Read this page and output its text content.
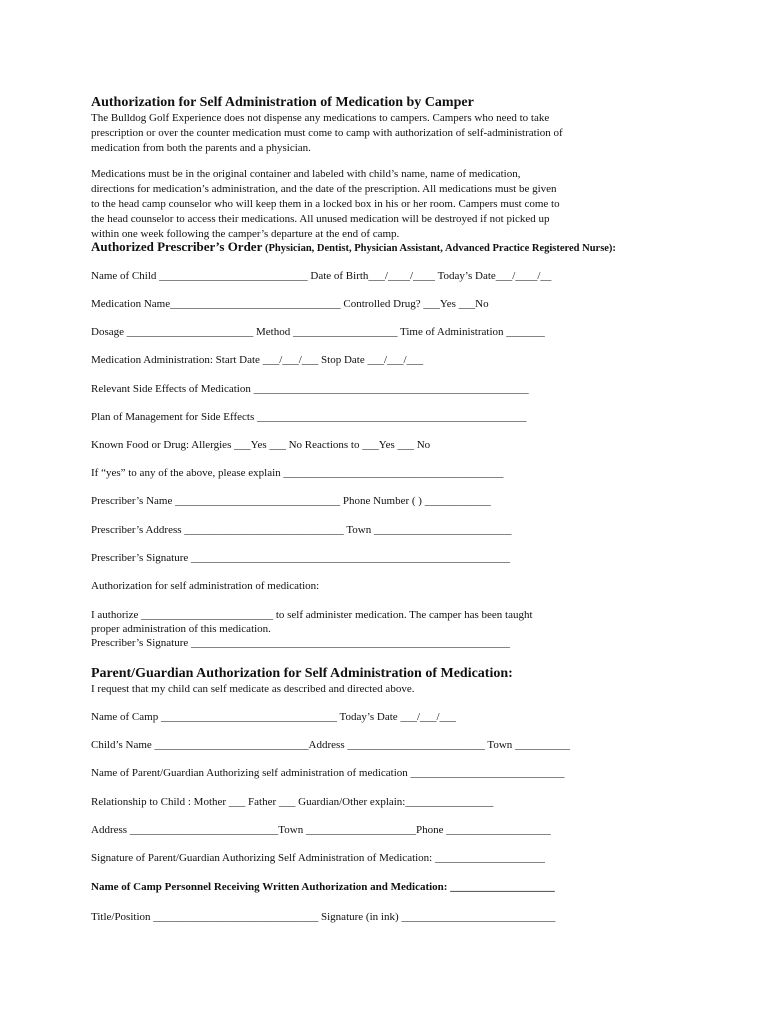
Authorization for Self Administration of Medication by Camper

The Bulldog Golf Experience does not dispense any medications to campers. Campers who need to take
prescription or over the counter medication must come to camp with authorization of self-administration of
medication from both the parents and a physician.

Medications must be in the original container and labeled with child’s name, name of medication,
directions for medication’s administration, and the date of the prescription. All medications must be given
to the head camp counselor who will keep them in a locked box in his or her room. Campers must come to
the head counselor to access their medications. All unused medication will be destroyed if not picked up
within one week following the camper’s departure at the end of camp.

Authorized Prescriber’s Order (Physician, Dentist, Physician Assistant, Advanced Practice Registered Nurse):
Name of Child ___________________________ Date of Birth___/____/____ Today’s Date___/____/__
Medication Name_______________________________ Controlled Drug? ___Yes ___No
Dosage _______________________ Method ___________________ Time of Administration _______
Medication Administration: Start Date ___/___/___ Stop Date ___/___/___
Relevant Side Effects of Medication __________________________________________________
Plan of Management for Side Effects _________________________________________________
Known Food or Drug: Allergies ___Yes ___ No Reactions to ___Yes ___ No
If “yes” to any of the above, please explain ________________________________________
Prescriber’s Name ______________________________ Phone Number ( ) ____________
Prescriber’s Address _____________________________ Town _________________________
Prescriber’s Signature __________________________________________________________
Authorization for self administration of medication:
I authorize ________________________ to self administer medication. The camper has been taught
proper administration of this medication.
Prescriber’s Signature __________________________________________________________
Parent/Guardian Authorization for Self Administration of Medication:
I request that my child can self medicate as described and directed above.
Name of Camp ________________________________ Today’s Date ___/___/___
Child’s Name ____________________________Address _________________________ Town __________
Name of Parent/Guardian Authorizing self administration of medication ____________________________
Relationship to Child : Mother ___ Father ___ Guardian/Other explain:________________
Address ___________________________Town ____________________Phone ___________________
Signature of Parent/Guardian Authorizing Self Administration of Medication: ____________________
Name of Camp Personnel Receiving Written Authorization and Medication: ___________________
Title/Position ______________________________ Signature (in ink) ____________________________
